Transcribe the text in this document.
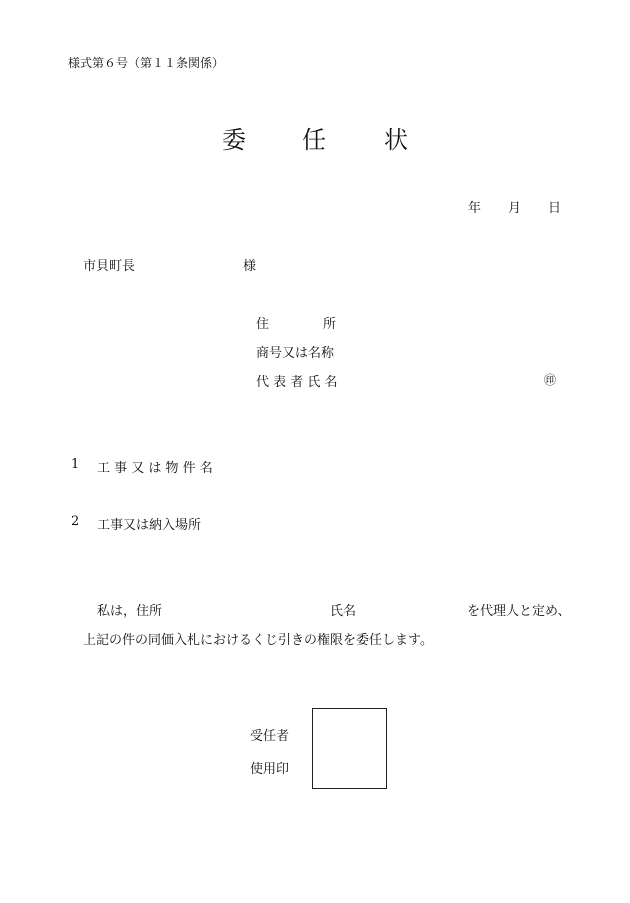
様式第６号（第１１条関係）
委 任 状
年 月 日
市貝町長	様
住	所
商号又は名称
代 表 者 氏 名	㊞
1 工 事 又 は 物 件 名
2 工事又は納入場所
私は，住所	氏名	を代理人と定め、
上記の件の同価入札におけるくじ引きの権限を委任します。
受任者
使用印
